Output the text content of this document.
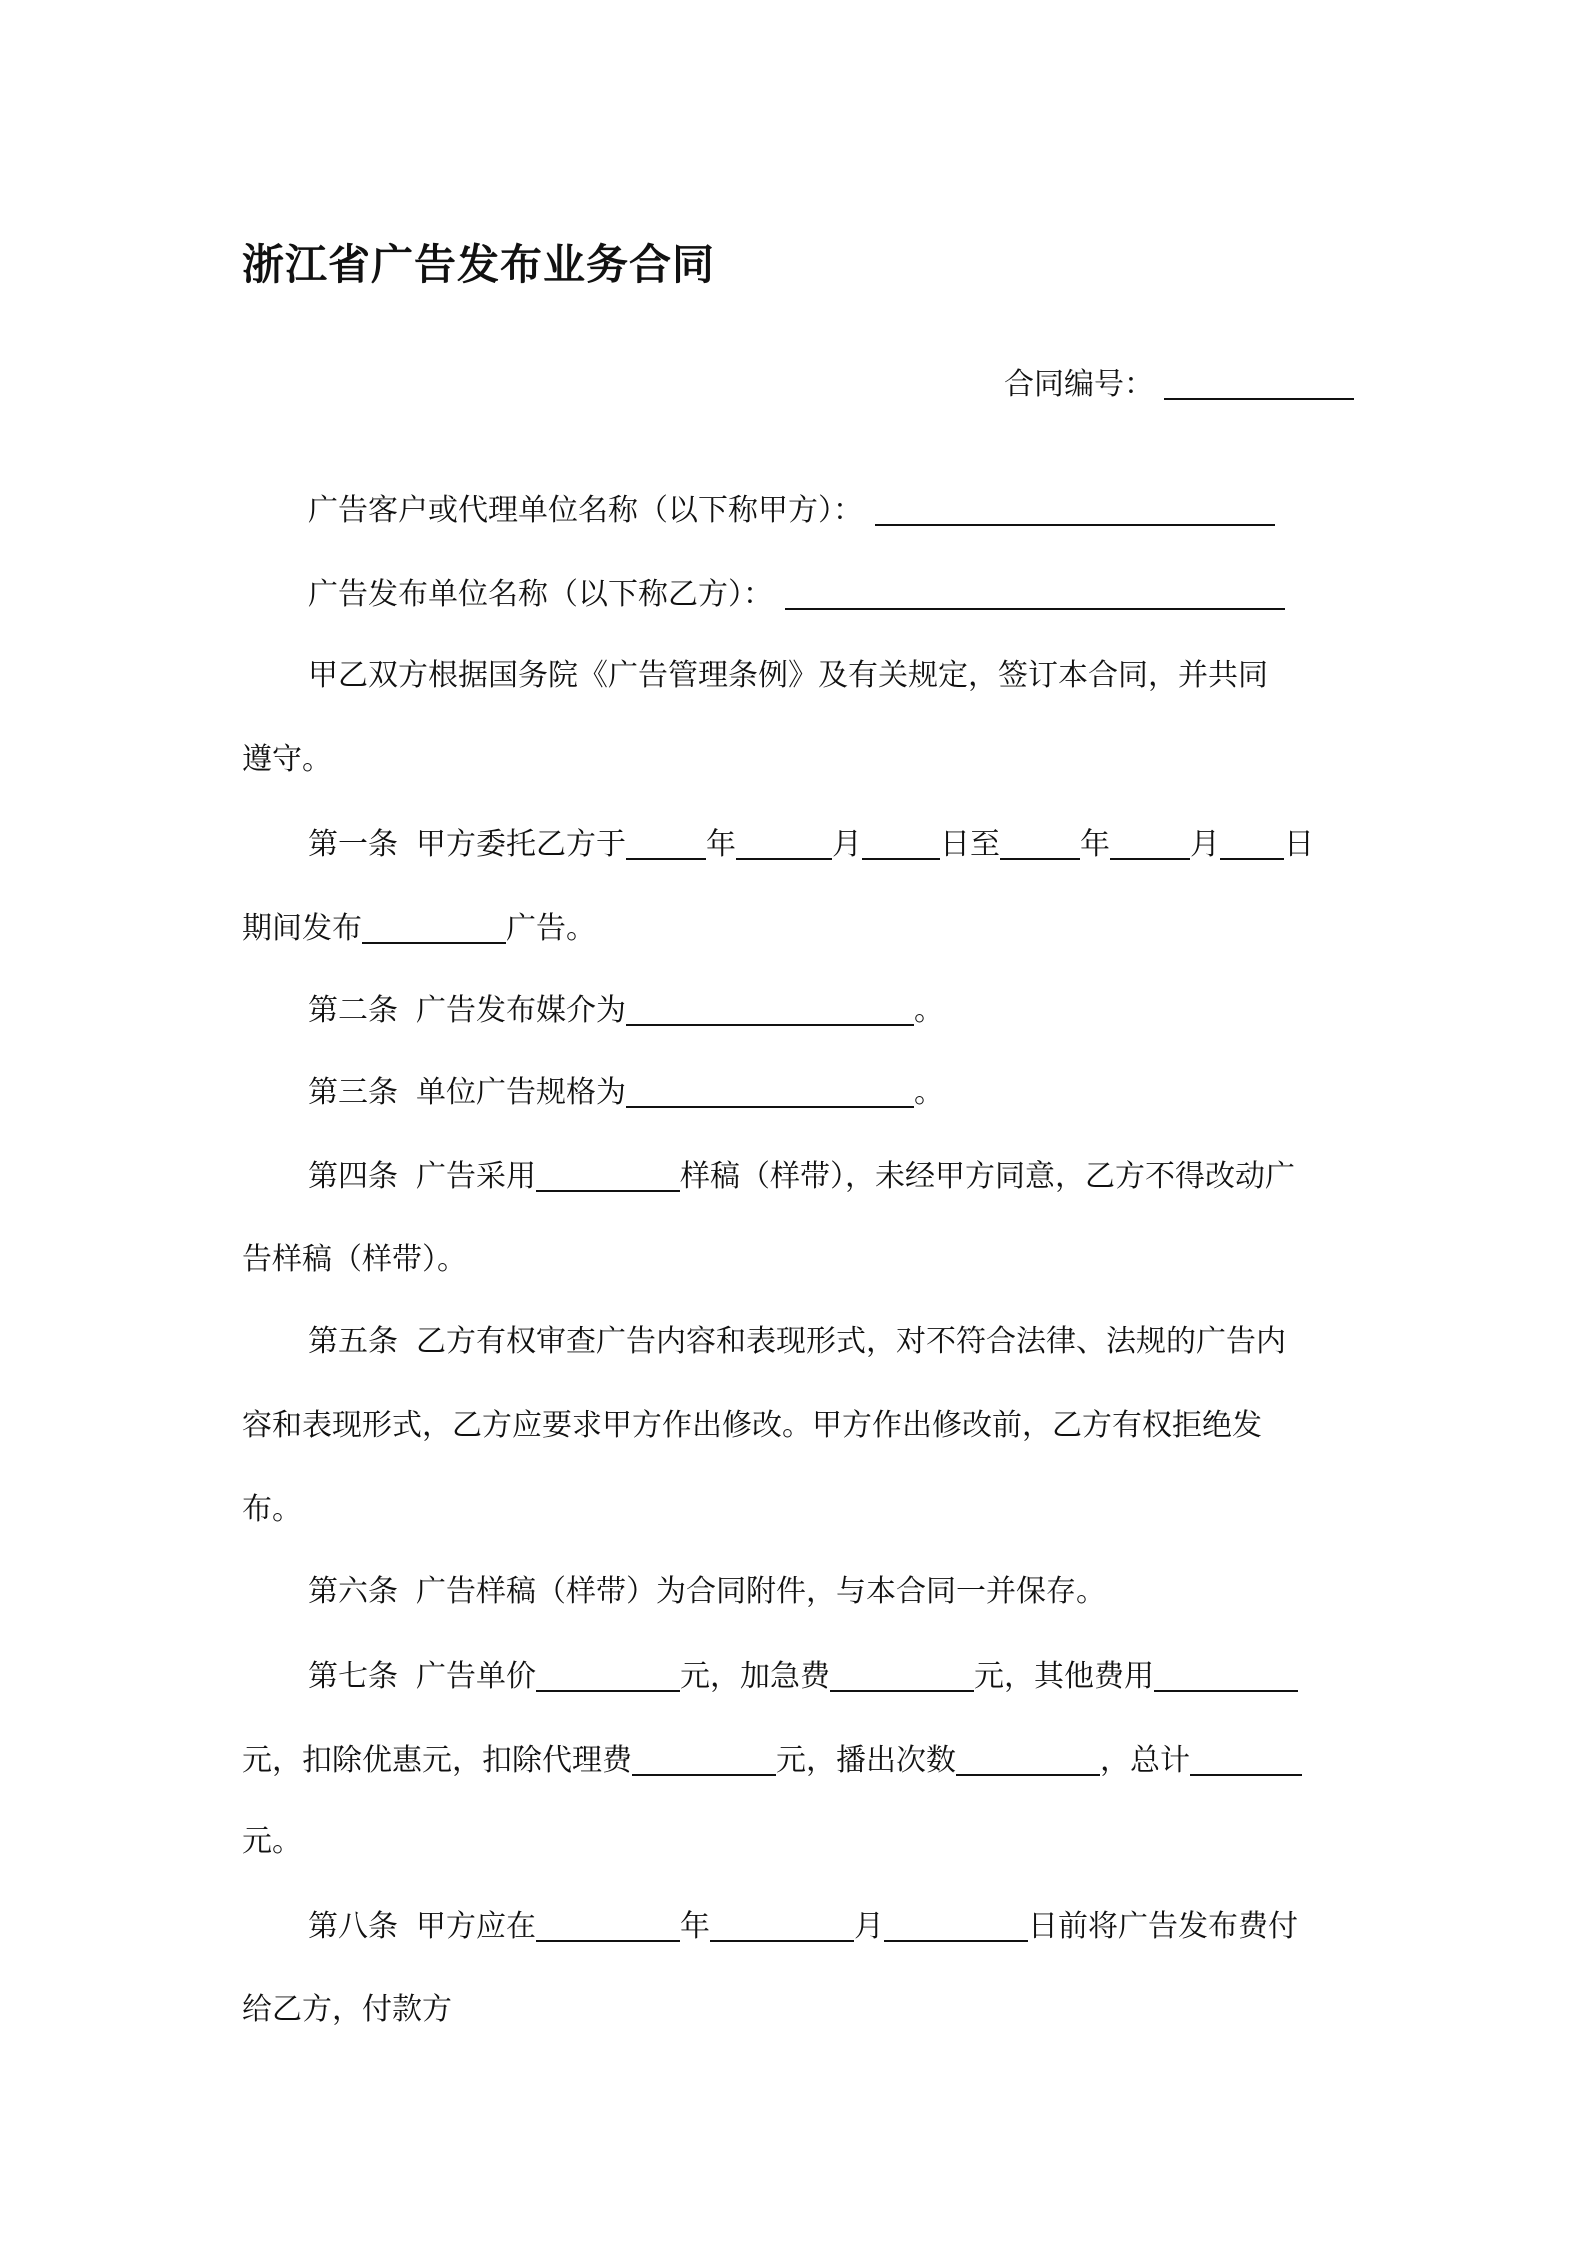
浙江省广告发布业务合同
合同编号：
广告客户或代理单位名称（以下称甲方）：
广告发布单位名称（以下称乙方）：
甲乙双方根据国务院《广告管理条例》及有关规定，签订本合同，并共同
遵守。
第一条 甲方委托乙方于	年	月	日至	年	月 日
期间发布	广告。
第二条 广告发布媒介为	。
第三条 单位广告规格为	。
第四条 广告采用	样稿（样带），未经甲方同意，乙方不得改动广
告样稿（样带）。
第五条 乙方有权审查广告内容和表现形式，对不符合法律、法规的广告内
容和表现形式，乙方应要求甲方作出修改。甲方作出修改前，乙方有权拒绝发
布。
第六条 广告样稿（样带）为合同附件，与本合同一并保存。
第七条 广告单价	元，加急费	元，其他费用
元，扣除优惠元，扣除代理费	元，播出次数	，总计
元。
第八条 甲方应在	年	月	日前将广告发布费付
给乙方，付款方
